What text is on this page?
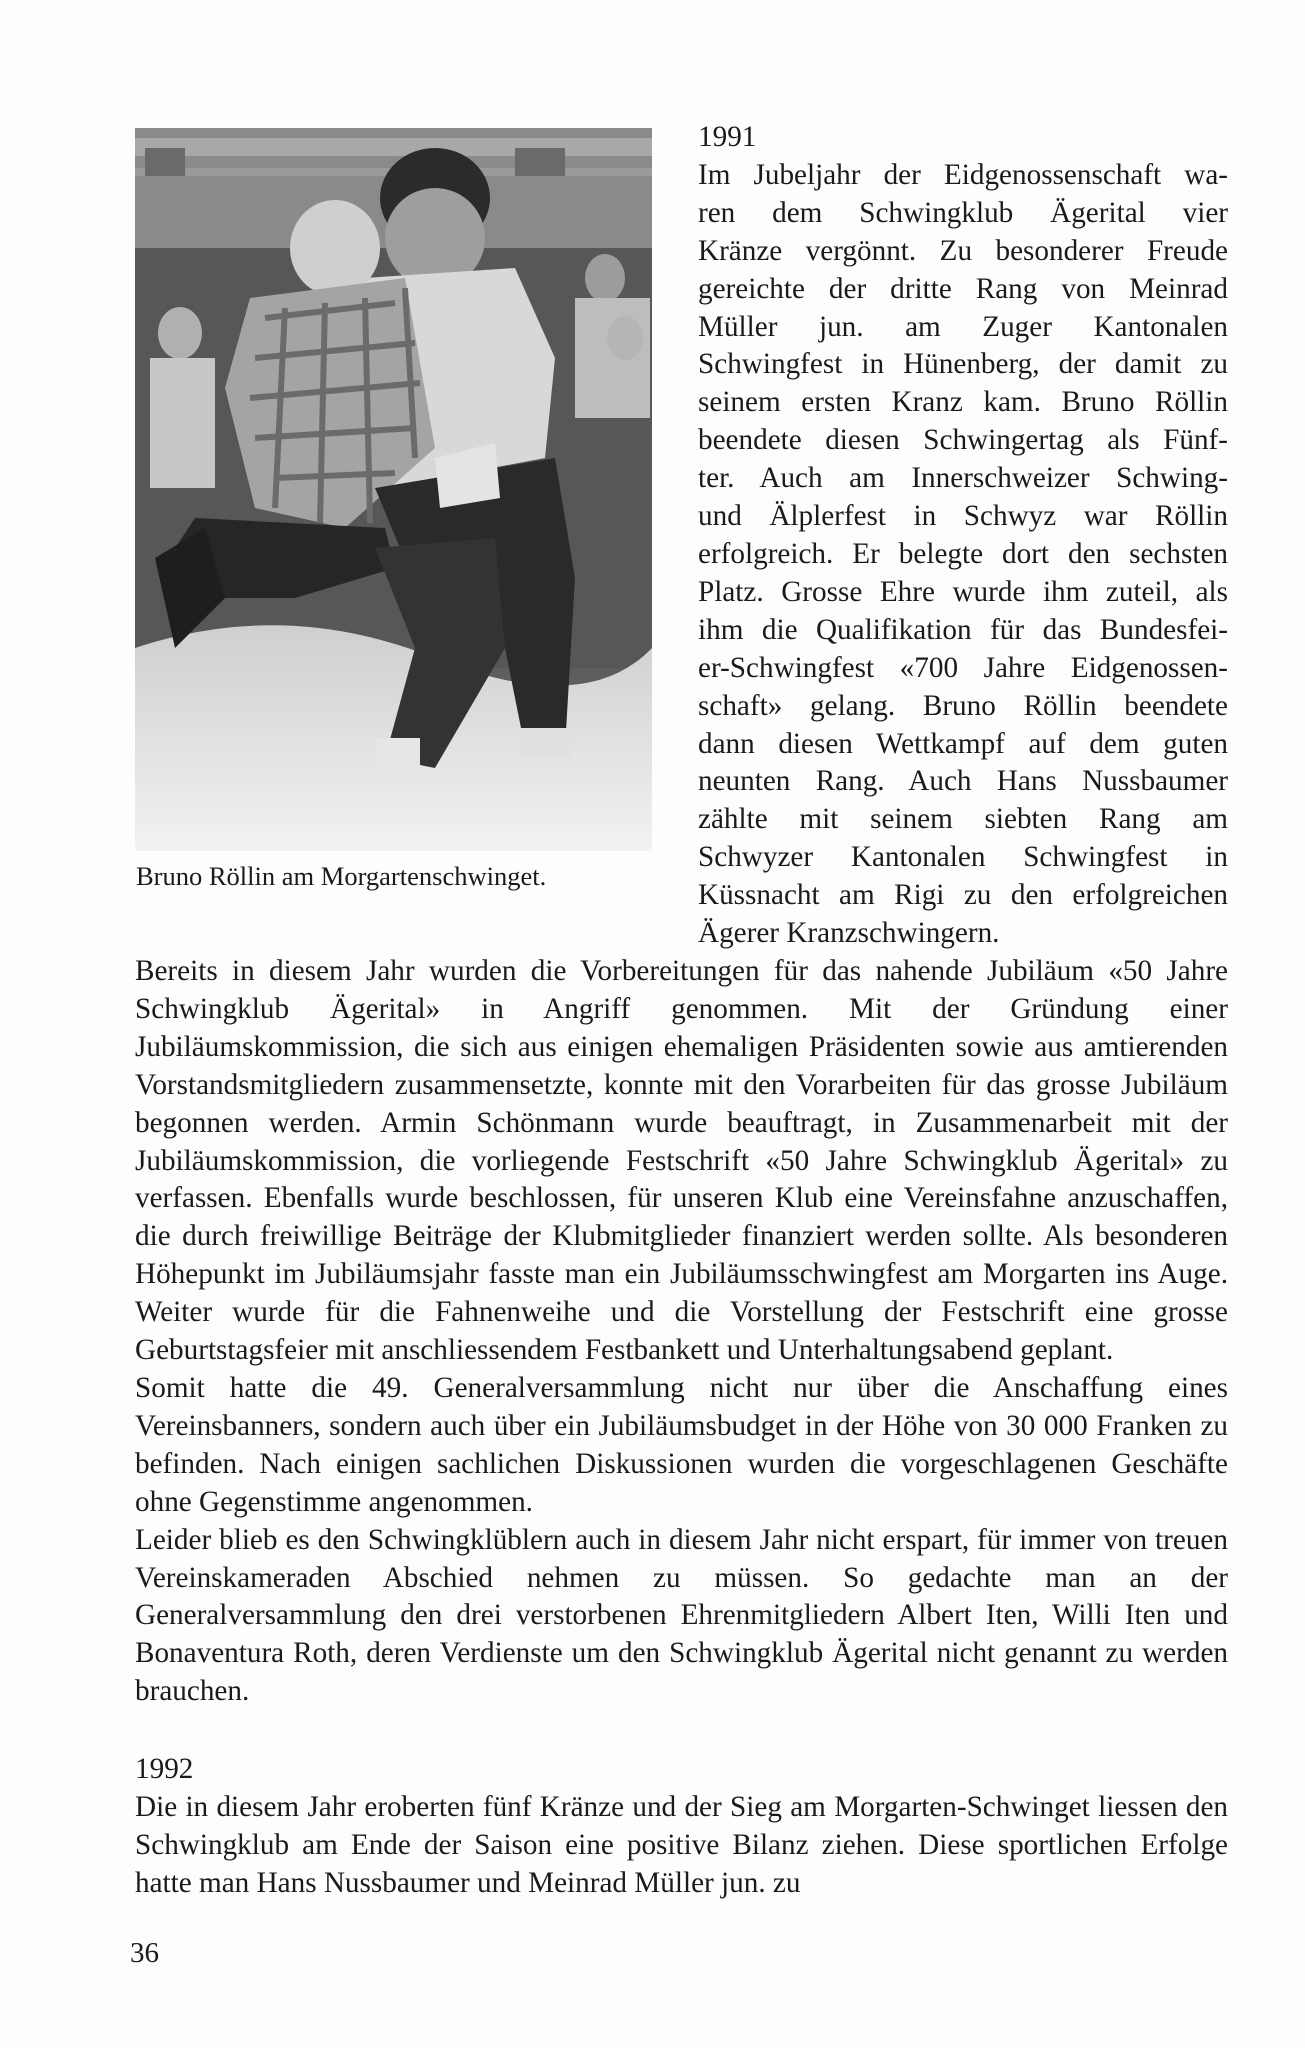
Bruno Röllin am Morgartenschwinget.

1991

Im Jubeljahr der Eidgenossenschaft wa-

ren dem Schwingklub Ägerital vier

Kränze vergönnt. Zu besonderer Freude

gereichte der dritte Rang von Meinrad

Müller jun. am Zuger Kantonalen

Schwingfest in Hünenberg, der damit zu

seinem ersten Kranz kam. Bruno Röllin

beendete diesen Schwingertag als Fünf-

ter. Auch am Innerschweizer Schwing-

und Älplerfest in Schwyz war Röllin

erfolgreich. Er belegte dort den sechsten

Platz. Grosse Ehre wurde ihm zuteil, als

ihm die Qualifikation für das Bundesfei-

er-Schwingfest «700 Jahre Eidgenossen-

schaft» gelang. Bruno Röllin beendete

dann diesen Wettkampf auf dem guten

neunten Rang. Auch Hans Nussbaumer

zählte mit seinem siebten Rang am

Schwyzer Kantonalen Schwingfest in

Küssnacht am Rigi zu den erfolgreichen

Ägerer Kranzschwingern.

Bereits in diesem Jahr wurden die Vorbereitungen für das nahende Jubiläum «50 Jahre Schwingklub Ägerital» in Angriff genommen. Mit der Gründung einer Jubiläumskommission, die sich aus einigen ehemaligen Präsidenten sowie aus amtierenden Vorstandsmitgliedern zusammensetzte, konnte mit den Vorarbeiten für das grosse Jubiläum begonnen werden. Armin Schönmann wurde beauftragt, in Zusammenarbeit mit der Jubiläumskommission, die vorliegende Festschrift «50 Jahre Schwingklub Ägerital» zu verfassen. Ebenfalls wurde beschlossen, für unseren Klub eine Vereinsfahne anzuschaffen, die durch freiwillige Beiträge der Klubmitglieder finanziert werden sollte. Als besonderen Höhepunkt im Jubiläumsjahr fasste man ein Jubiläumsschwingfest am Morgarten ins Auge. Weiter wurde für die Fahnenweihe und die Vorstellung der Festschrift eine grosse Geburtstagsfeier mit anschliessendem Festbankett und Unterhaltungsabend geplant.

Somit hatte die 49. Generalversammlung nicht nur über die Anschaffung eines Vereinsbanners, sondern auch über ein Jubiläumsbudget in der Höhe von 30 000 Franken zu befinden. Nach einigen sachlichen Diskussionen wurden die vorgeschlagenen Geschäfte ohne Gegenstimme angenommen.

Leider blieb es den Schwingklüblern auch in diesem Jahr nicht erspart, für immer von treuen Vereinskameraden Abschied nehmen zu müssen. So gedachte man an der Generalversammlung den drei verstorbenen Ehrenmitgliedern Albert Iten, Willi Iten und Bonaventura Roth, deren Verdienste um den Schwingklub Ägerital nicht genannt zu werden brauchen.

1992

Die in diesem Jahr eroberten fünf Kränze und der Sieg am Morgarten-Schwinget liessen den Schwingklub am Ende der Saison eine positive Bilanz ziehen. Diese sportlichen Erfolge hatte man Hans Nussbaumer und Meinrad Müller jun. zu

36
